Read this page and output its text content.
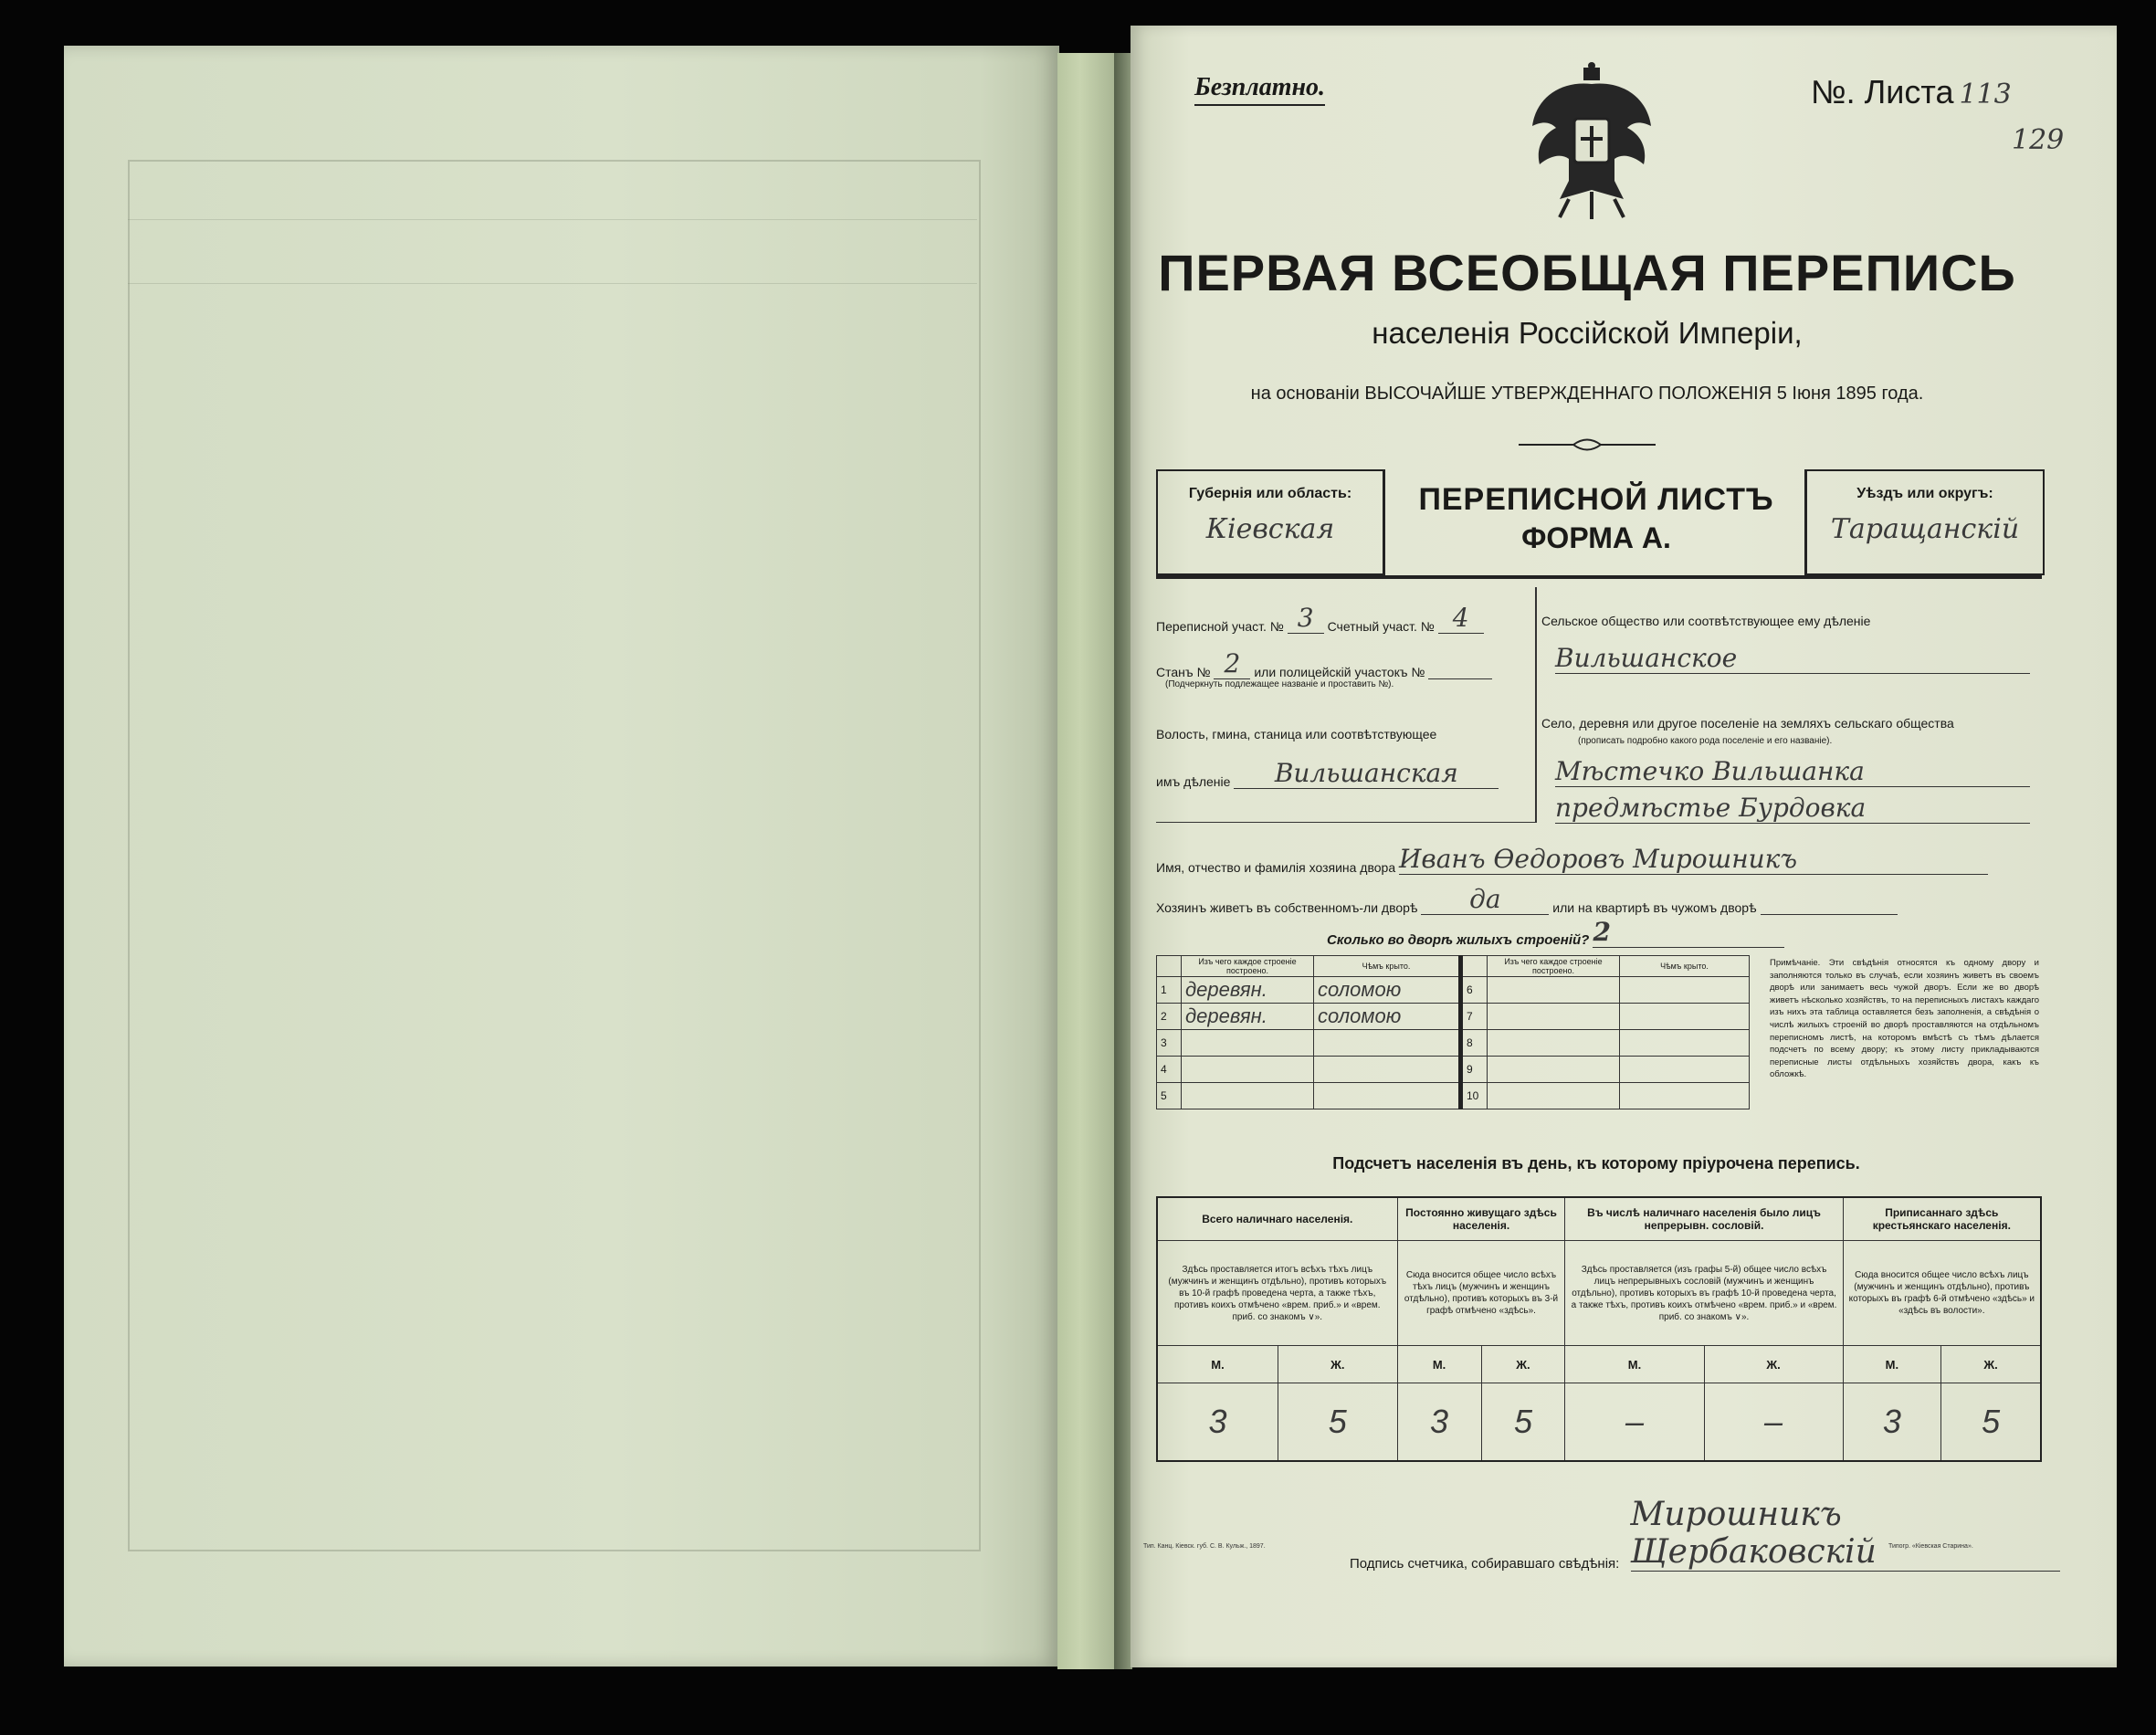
Безплатно.	№. Листа 113
129
ПЕРВАЯ ВСЕОБЩАЯ ПЕРЕПИСЬ
населенія Россійской Имперіи,
на основаніи ВЫСОЧАЙШЕ УТВЕРЖДЕННАГО ПОЛОЖЕНІЯ 5 Іюня 1895 года.
Губернія или область:
Кіевская
ПЕРЕПИСНОЙ ЛИСТЪ
ФОРМА А.
Уѣздъ или округъ:
Таращанскій
Переписной участ. № 3 Счетный участ. № 4
Станъ № 2 или полицейскій участокъ №
(Подчеркнуть подлежащее названіе и проставить №).
Волость, гмина, станица или соотвѣтствующее
имъ дѣленіе Вильшанская
Сельское общество или соотвѣтствующее ему дѣленіе
Вильшанское
Село, деревня или другое поселеніе на земляхъ сельскаго общества
(прописать подробно какого рода поселеніе и его названіе).
Мѣстечко Вильшанка
предмѣстье Бурдовка
Имя, отчество и фамилія хозяина двора Иванъ Ѳедоровъ Мирошникъ
Хозяинъ живетъ въ собственномъ-ли дворѣ да	или на квартирѣ въ чужомъ дворѣ
Сколько во дворѣ жилыхъ строеній? 2
	Изъ чего каждое строеніе построено.	Чѣмъ крыто.		Изъ чего каждое строеніе построено.	Чѣмъ крыто.
1	деревян.	соломою	6		
2	деревян.	соломою	7		
3			8		
4			9		
5			10		
Примѣчаніе. Эти свѣдѣнія относятся къ одному двору и заполняются только въ случаѣ, если хозяинъ живетъ въ своемъ дворѣ или занимаетъ весь чужой дворъ. Если же во дворѣ живетъ нѣсколько хозяйствъ, то на переписныхъ листахъ каждаго изъ нихъ эта таблица оставляется безъ заполненія, а свѣдѣнія о числѣ жилыхъ строеній во дворѣ проставляются на отдѣльномъ переписномъ листѣ, на которомъ вмѣстѣ съ тѣмъ дѣлается подсчетъ по всему двору; къ этому листу прикладываются переписные листы отдѣльныхъ хозяйствъ двора, какъ къ обложкѣ.
Подсчетъ населенія въ день, къ которому пріурочена перепись.
Всего наличнаго населенія.		Постоянно живущаго здѣсь населенія.		Въ числѣ наличнаго населенія было лицъ непрерывн. сословій.		Приписаннаго здѣсь крестьянскаго населенія.	
Здѣсь проставляется итогъ всѣхъ тѣхъ лицъ (мужчинъ и женщинъ отдѣльно), противъ которыхъ въ 10-й графѣ проведена черта, а также тѣхъ, противъ коихъ отмѣчено «врем. приб.» и «врем. приб. со знакомъ ∨».		Сюда вносится общее число всѣхъ тѣхъ лицъ (мужчинъ и женщинъ отдѣльно), противъ которыхъ въ 3-й графѣ отмѣчено «здѣсь».		Здѣсь проставляется (изъ графы 5-й) общее число всѣхъ лицъ непрерывныхъ сословій (мужчинъ и женщинъ отдѣльно), противъ которыхъ въ графѣ 10-й проведена черта, а также тѣхъ, противъ коихъ отмѣчено «врем. приб.» и «врем. приб. со знакомъ ∨».		Сюда вносится общее число всѣхъ лицъ (мужчинъ и женщинъ отдѣльно), противъ которыхъ въ графѣ 6-й отмѣчено «здѣсь» и «здѣсь въ волости».	
М.	Ж.	М.	Ж.	М.	Ж.	М.	Ж.
3	5	3	5	–	–	3	5
Подпись счетчика, собиравшаго свѣдѣнія: Мирошникъ Щербаковскій
Тип. Канц. Кіевск. губ. С. В. Кульж., 1897.	Типогр. «Кіевская Старина».
